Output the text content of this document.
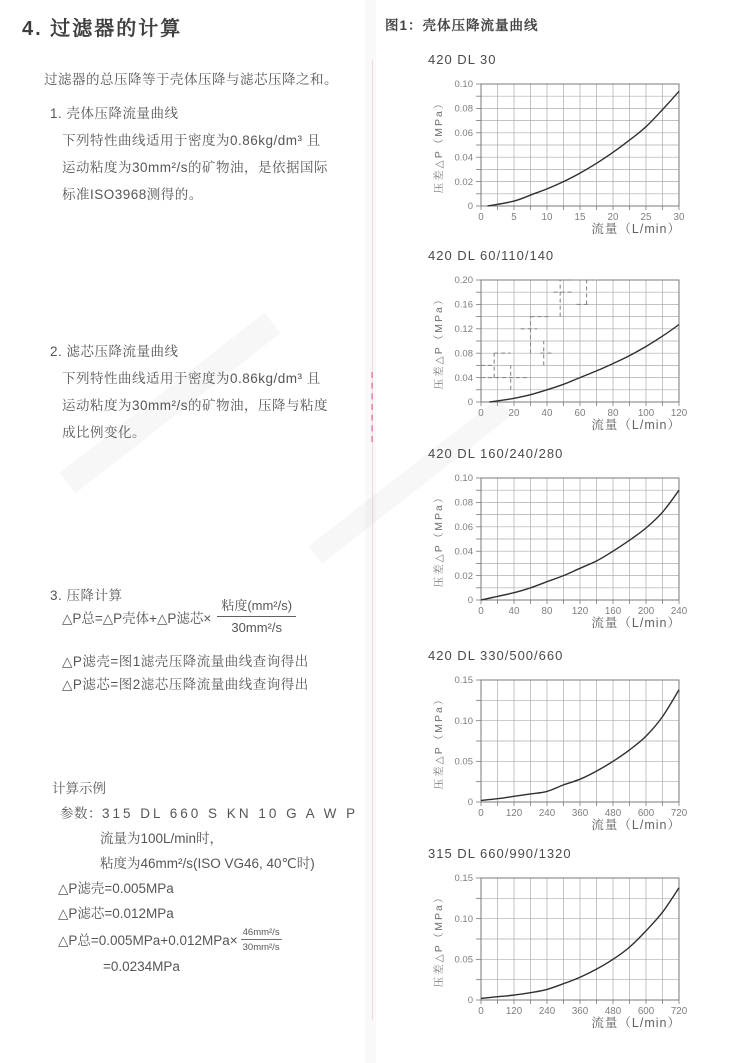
4. 过滤器的计算
过滤器的总压降等于壳体压降与滤芯压降之和。
1. 壳体压降流量曲线
下列特性曲线适用于密度为0.86kg/dm³ 且
运动粘度为30mm²/s的矿物油，是依据国际
标准ISO3968测得的。
2. 滤芯压降流量曲线
下列特性曲线适用于密度为0.86kg/dm³ 且
运动粘度为30mm²/s的矿物油，压降与粘度
成比例变化。
3. 压降计算
△P总=△P壳体+△P滤芯× $\frac{\text{粘度(mm²/s)}}{\text{30mm²/s}}$
△P滤壳=图1滤壳压降流量曲线查询得出
△P滤芯=图2滤芯压降流量曲线查询得出
计算示例
参数：315 DL 660 S KN 10 G A W P
流量为100L/min时，
粘度为46mm²/s(ISO VG46, 40℃时)
△P滤壳=0.005MPa
△P滤芯=0.012MPa
△P总$=0.005MPa+0.012MPa\times \frac{\text{46mm²/s}}{\text{30mm²/s}}$
=0.0234MPa
图1：壳体压降流量曲线
420 DL 30
0
0.02
0.04
0.06
0.08
0.10
0	5	10 15 20 25 30
压差△P（MPa）
流量（L/min）
420 DL 60/110/140
0
0.04
0.08
0.12
0.16
0.20
0	20 40 60 80 100 120
压差△P（MPa）
流量（L/min）
420 DL 160/240/280
0
0.02
0.04
0.06
0.08
0.10
0	40 80 120 160 200 240
压差△P（MPa）
流量（L/min）
420 DL 330/500/660
0
0.05
0.10
0.15
0 120 240 360 480 600 720
压差△P（MPa）
流量（L/min）
315 DL 660/990/1320
0
0.05
0.10
0.15
0 120 240 360 480 600 720
压差△P（MPa）
流量（L/min）
